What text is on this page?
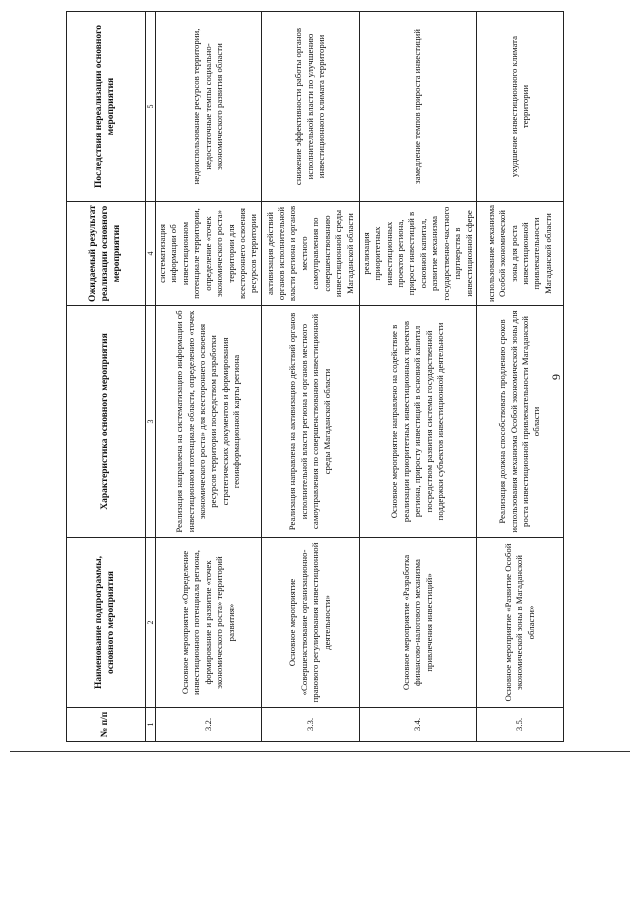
№ п/п	Наименование подпрограммы, основного мероприятия	Характеристика основного мероприятия	Ожидаемый результат реализации основного мероприятия	Последствия нереализации основного мероприятия
1	2	3	4	5
3.2.	Основное мероприятие «Определение инвестиционного потенциала региона, формирование и развитие «точек экономического роста» территорий развития»	Реализация направлена на систематизацию информации об инвестиционном потенциале области, определению «точек экономического роста» для всестороннего освоения ресурсов территории посредством разработки стратегических документов и формирования геоинформационной карты региона	систематизация информации об инвестиционном потенциале территории, определение «точек экономического роста» территории для всестороннего освоения ресурсов территории	недоиспользование ресурсов территории, недостаточные темпы социально-экономического развития области
3.3.	Основное мероприятие «Совершенствование организационно-правового регулирования инвестиционной деятельности»	Реализация направлена на активизацию действий органов исполнительной власти региона и органов местного самоуправления по совершенствованию инвестиционной среды Магаданской области	активизация действий органов исполнительной власти региона и органов местного самоуправления по совершенствованию инвестиционной среды Магаданской области	снижение эффективности работы органов исполнительной власти по улучшению инвестиционного климата территории
3.4.	Основное мероприятие «Разработка финансово-налогового механизма привлечения инвестиций»	Основное мероприятие направлено на содействие в реализации приоритетных инвестиционных проектов региона, приросту инвестиций в основной капитал посредством развития системы государственной поддержки субъектов инвестиционной деятельности	реализация приоритетных инвестиционных проектов региона, прирост инвестиций в основной капитал, развитие механизма государственно-частного партнерства в инвестиционной сфере	замедление темпов прироста инвестиций
3.5.	Основное мероприятие «Развитие Особой экономической зоны в Магаданской области»	Реализация должна способствовать продлению сроков использования механизма Особой экономической зоны для роста инвестиционной привлекательности Магаданской области	использование механизма Особой экономической зоны для роста инвестиционной привлекательности Магаданской области	ухудшение инвестиционного климата территории
9
